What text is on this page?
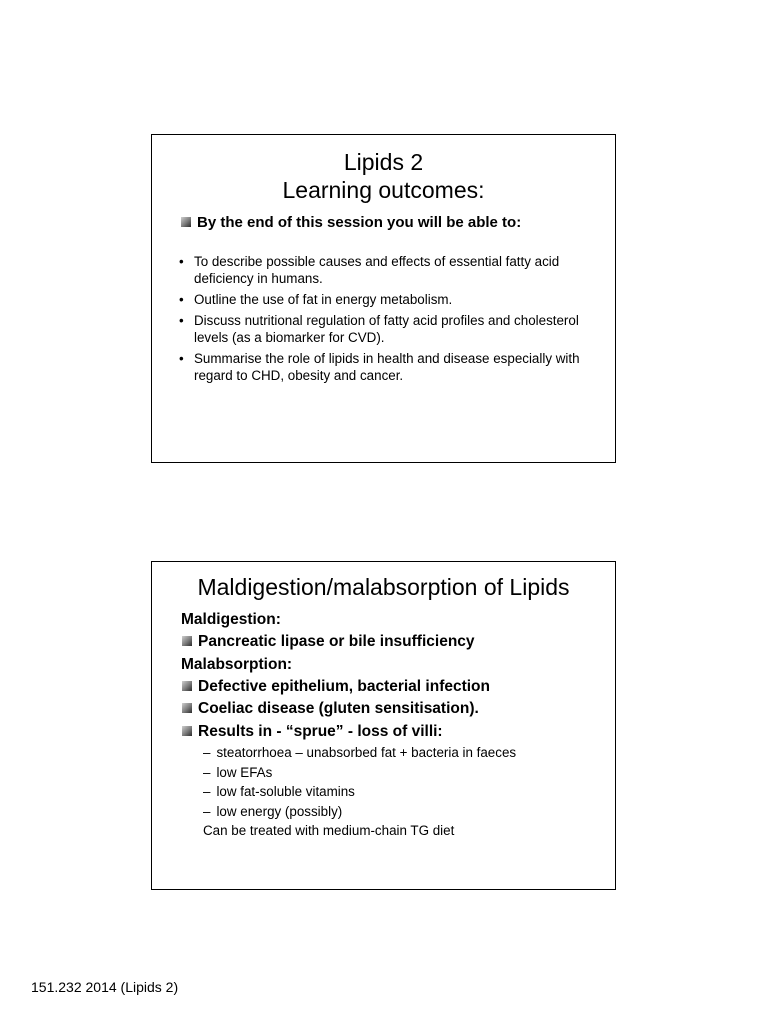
Lipids 2

Learning outcomes:

By the end of this session you will be able to:
• To describe possible causes and effects of essential fatty acid deficiency in humans.
• Outline the use of fat in energy metabolism.
• Discuss nutritional regulation of fatty acid profiles and cholesterol levels (as a biomarker for CVD).
• Summarise the role of lipids in health and disease especially with regard to CHD, obesity and cancer.

Maldigestion/malabsorption of Lipids

Maldigestion:
Pancreatic lipase or bile insufficiency
Malabsorption:
Defective epithelium, bacterial infection
Coeliac disease (gluten sensitisation).
Results in - “sprue” - loss of villi:
– steatorrhoea – unabsorbed fat + bacteria in faeces
– low EFAs
– low fat-soluble vitamins
– low energy (possibly)
Can be treated with medium-chain TG diet
151.232 2014 (Lipids 2)
